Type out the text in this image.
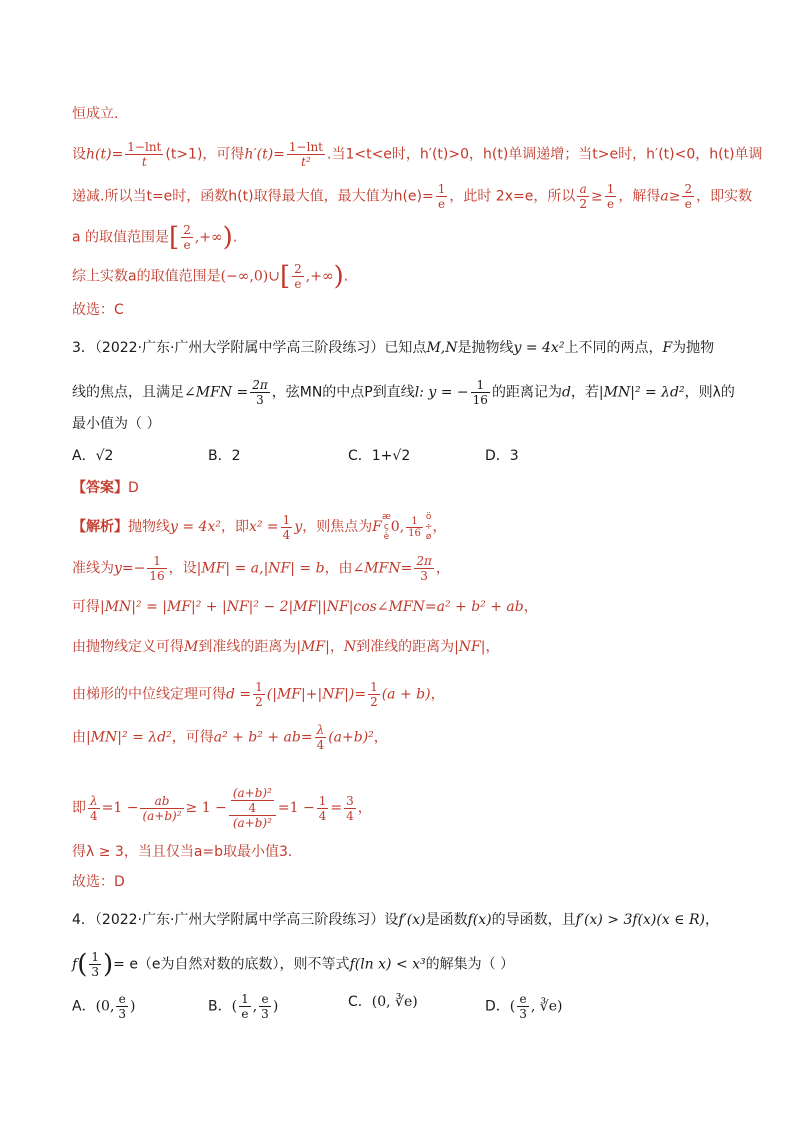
恒成立.
设$h(t)= \frac{1-\ln t}{t} (t>1)$，可得$h'(t)= \frac{1-\ln t}{\text{t²}}$ .当1<t<e时，h′(t)>0，h(t)单调递增；当t>e时，h′(t)<0，h(t)单调
递减.所以当t=e时，函数h(t)取得最大值，最大值为$h(e)= \frac{1}{e}$ ，此时 2x=e，所以 $\frac{a}{2} \ge \frac{1}{e}$ ，解得$a\ge \frac{2}{e}$ ，即实数
a 的取值范围是[ $\frac{2}{e}$ ,+∞).
综上实数a的取值范围是(−∞,0)∪[ $\frac{2}{e}$ ,+∞).
故选：C
3．（2022·广东·广州大学附属中学高三阶段练习）已知点M,N是抛物线y = 4x²上不同的两点，F为抛物
线的焦点，且满足∠MFN = $\frac{2\pi}{3}$ ，弦MN的中点P到直线l: y = − $\frac{1}{16}$ 的距离记为d，若|MN|² = λd²，则λ的
最小值为（ ）
A．√2	B．2	C．1+√2	D．3
【答案】D
【解析】抛物线y = 4x²，即$x^2 = \frac{1}{4}$ y，则焦点为F
æ
ç
è
0, $\frac{1}{16}$ ö
÷
ø
，
准线为$y=- \frac{1}{16}$ ，设|MF| = a,|NF| = b，由∠MFN= $\frac{2\pi}{3}$ ，
可得|MN|² = |MF|² + |NF|² − 2|MF||NF|cos∠MFN=a² + b² + ab，
由抛物线定义可得M到准线的距离为|MF|，N到准线的距离为|NF|，
由梯形的中位线定理可得$d = \frac{1}{2} (|MF|+|NF|)= \frac{1}{2} (a + b)$，
由|MN|² = λd²，可得$a^2 + b^2 + ab= \frac{\lambda}{4} (a+b)^2$，
即 $\frac{\lambda}{4} =1 - \frac{ab}{\text{(a+b)²}} \ge 1 - \frac{\frac{\text{(a+b)²}}{4}}{\text{(a+b)²}} =1 - \frac{1}{4} = \frac{3}{4}$ ，
得λ ≥ 3，当且仅当a=b取最小值3.
故选：D
4．（2022·广东·广州大学附属中学高三阶段练习）设f′(x)是函数f(x)的导函数，且f′(x) > 3f(x)(x ∈ R)，
$f( \frac{1}{3}$ )= e（e为自然对数的底数），则不等式f(ln x) < x³的解集为（ ）
A．(0, $\frac{e}{3}$ )	B．( $\frac{1}{e}$ , $\frac{e}{3}$ )	C．(0, ∛e)	D．( $\frac{e}{3}$ , ∛e)
